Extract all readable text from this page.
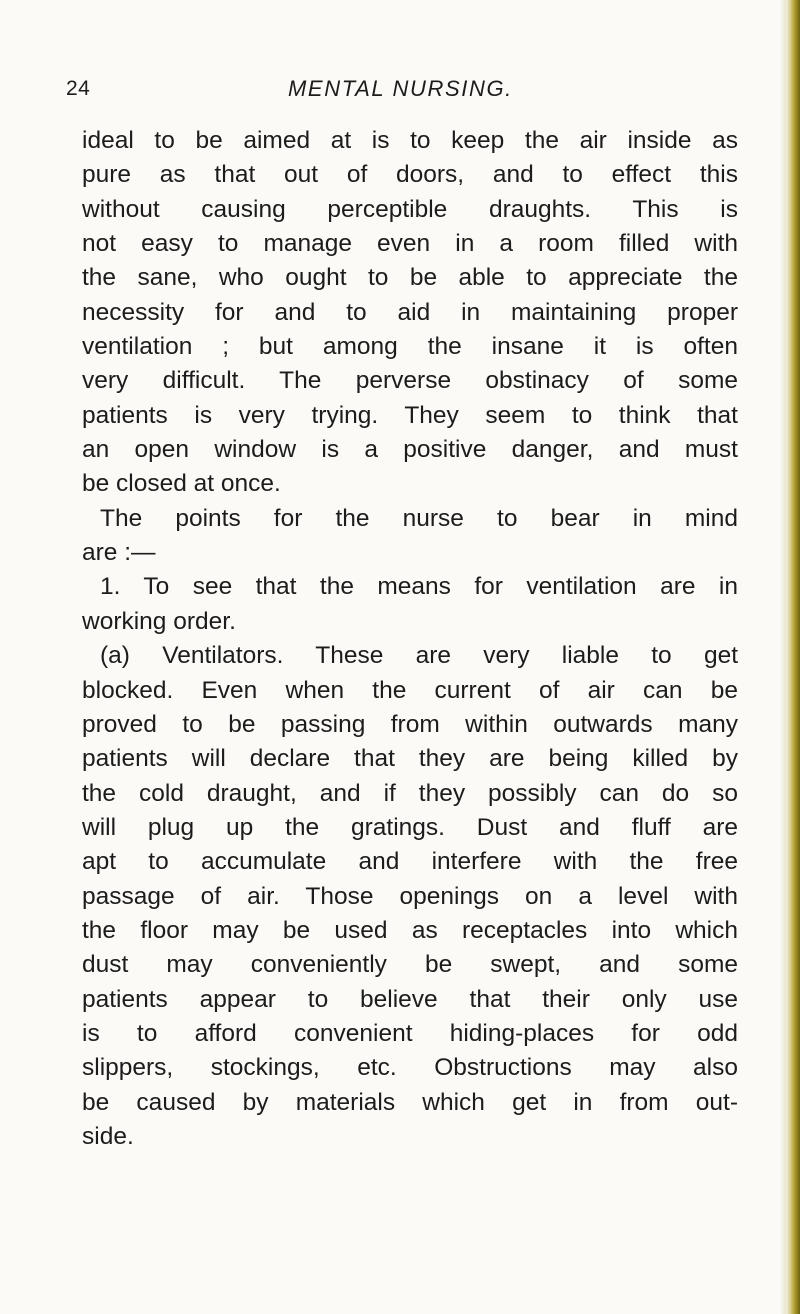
24	MENTAL NURSING.
ideal to be aimed at is to keep the air inside as
pure as that out of doors, and to effect this
without causing perceptible draughts. This is
not easy to manage even in a room filled with
the sane, who ought to be able to appreciate the
necessity for and to aid in maintaining proper
ventilation ; but among the insane it is often
very difficult. The perverse obstinacy of some
patients is very trying. They seem to think that
an open window is a positive danger, and must
be closed at once.
The points for the nurse to bear in mind
are :—
1. To see that the means for ventilation are in
working order.
(a) Ventilators. These are very liable to get
blocked. Even when the current of air can be
proved to be passing from within outwards many
patients will declare that they are being killed by
the cold draught, and if they possibly can do so
will plug up the gratings. Dust and fluff are
apt to accumulate and interfere with the free
passage of air. Those openings on a level with
the floor may be used as receptacles into which
dust may conveniently be swept, and some
patients appear to believe that their only use
is to afford convenient hiding-places for odd
slippers, stockings, etc. Obstructions may also
be caused by materials which get in from out-
side.
